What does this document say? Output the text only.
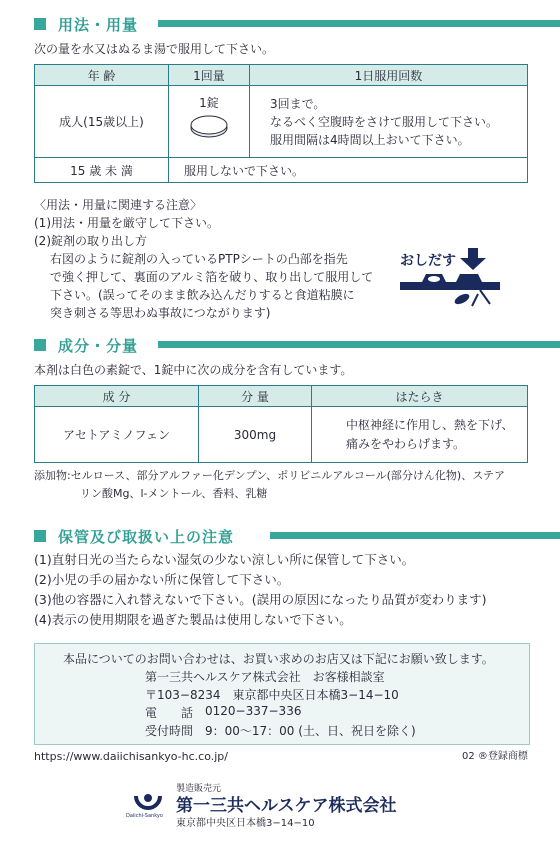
用法・用量
次の量を水又はぬるま湯で服用して下さい。
年 齢	1回量	1日服用回数
成人(15歳以上)	1錠	3回まで。
なるべく空腹時をさけて服用して下さい。
服用間隔は4時間以上おいて下さい。

15 歳 未 満	服用しないで下さい。	
〈用法・用量に関連する注意〉
(1)用法・用量を厳守して下さい。
(2)錠剤の取り出し方
右図のように錠剤の入っているPTPシートの凸部を指先
で強く押して、裏面のアルミ箔を破り、取り出して服用して
下さい。(誤ってそのまま飲み込んだりすると食道粘膜に
突き刺さる等思わぬ事故につながります)
おしだす
成分・分量
本剤は白色の素錠で、1錠中に次の成分を含有しています。
成 分	分 量	はたらき
アセトアミノフェン	300mg	中枢神経に作用し、熱を下げ、
痛みをやわらげます。
添加物:セルロース、部分アルファー化デンプン、ポリビニルアルコール(部分けん化物)、ステア
リン酸Mg、l-メントール、香料、乳糖
保管及び取扱い上の注意
(1)直射日光の当たらない湿気の少ない涼しい所に保管して下さい。
(2)小児の手の届かない所に保管して下さい。
(3)他の容器に入れ替えないで下さい。(誤用の原因になったり品質が変わります)
(4)表示の使用期限を過ぎた製品は使用しないで下さい。
本品についてのお問い合わせは、お買い求めのお店又は下記にお願い致します。
第一三共ヘルスケア株式会社　お客様相談室
〒103−8234　東京都中央区日本橋3−14−10
電　　話 0120−337−336
受付時間 9：00〜17：00 (土、日、祝日を除く)
https://www.daiichisankyo-hc.co.jp/	02 ®登録商標
Daiichi-Sankyo
製造販売元
第一三共ヘルスケア株式会社
東京都中央区日本橋3−14−10
